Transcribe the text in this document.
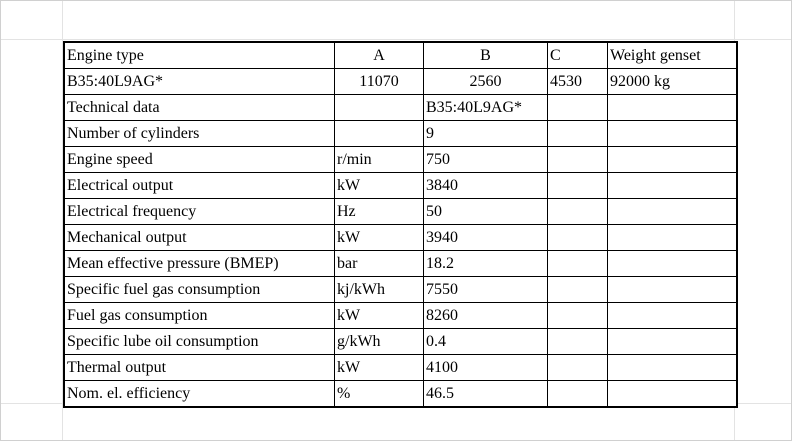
Engine type	A	B	C	Weight genset
B35:40L9AG*	11070	2560	4530	92000 kg
Technical data		B35:40L9AG*		
Number of cylinders		9		
Engine speed	r/min	750		
Electrical output	kW	3840		
Electrical frequency	Hz	50		
Mechanical output	kW	3940		
Mean effective pressure (BMEP)	bar	18.2		
Specific fuel gas consumption	kj/kWh	7550		
Fuel gas consumption	kW	8260		
Specific lube oil consumption	g/kWh	0.4		
Thermal output	kW	4100		
Nom. el. efficiency	%	46.5		
